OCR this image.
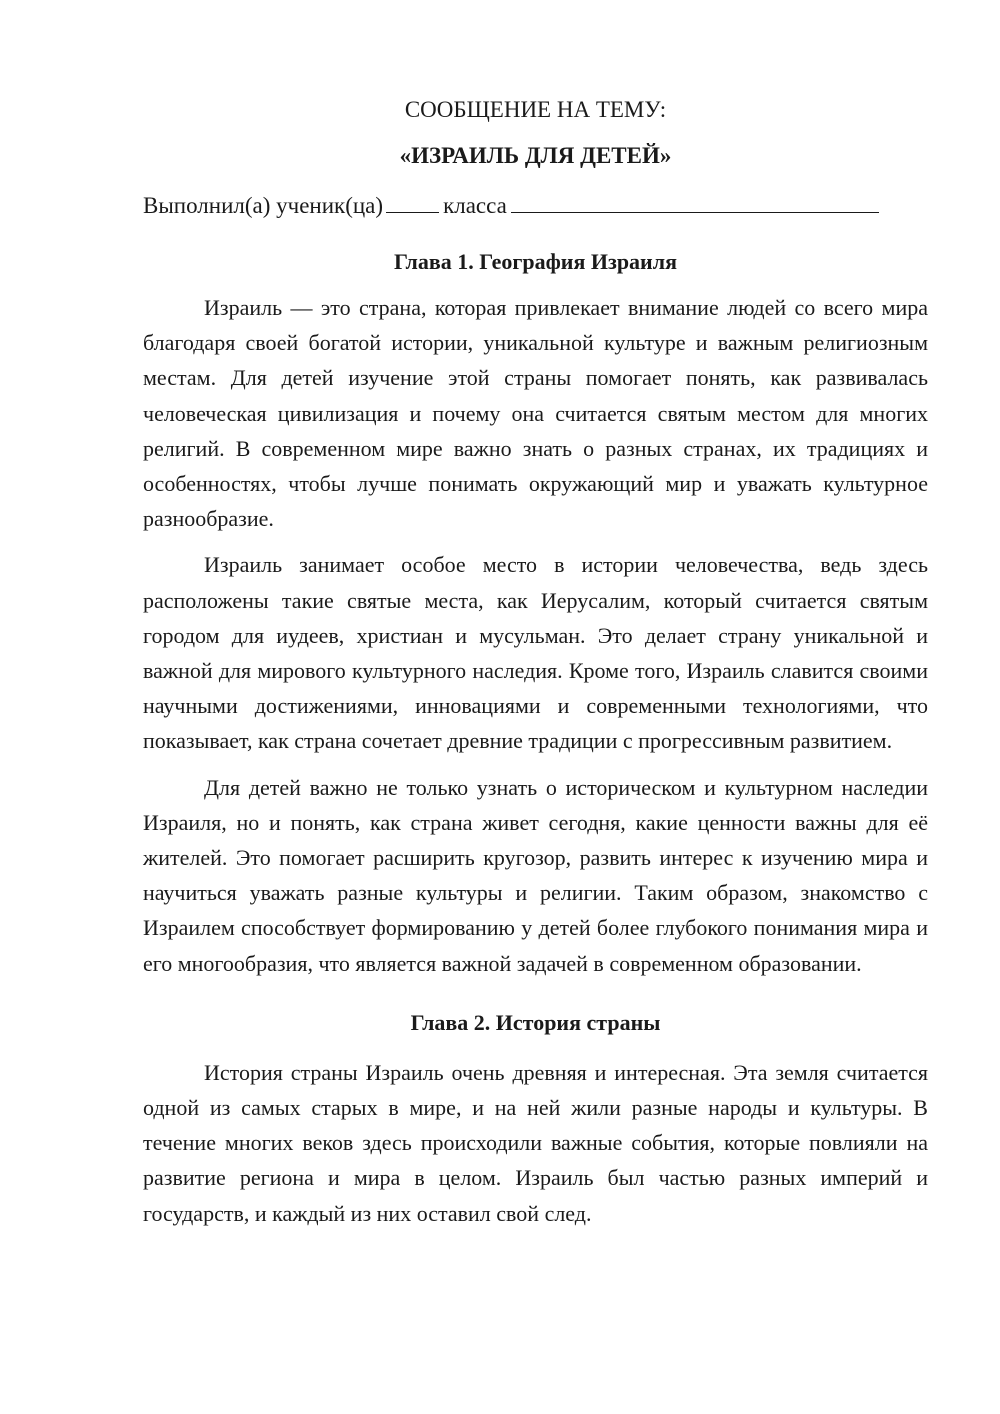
СООБЩЕНИЕ НА ТЕМУ:

«ИЗРАИЛЬ ДЛЯ ДЕТЕЙ»

Выполнил(а) ученик(ца)	класса

Глава 1. География Израиля

Израиль — это страна, которая привлекает внимание людей со всего мира благодаря своей богатой истории, уникальной культуре и важным религиозным местам. Для детей изучение этой страны помогает понять, как развивалась человеческая цивилизация и почему она считается святым местом для многих религий. В современном мире важно знать о разных странах, их традициях и особенностях, чтобы лучше понимать окружающий мир и уважать культурное разнообразие.

Израиль занимает особое место в истории человечества, ведь здесь расположены такие святые места, как Иерусалим, который считается святым городом для иудеев, христиан и мусульман. Это делает страну уникальной и важной для мирового культурного наследия. Кроме того, Израиль славится своими научными достижениями, инновациями и современными технологиями, что показывает, как страна сочетает древние традиции с прогрессивным развитием.

Для детей важно не только узнать о историческом и культурном наследии Израиля, но и понять, как страна живет сегодня, какие ценности важны для её жителей. Это помогает расширить кругозор, развить интерес к изучению мира и научиться уважать разные культуры и религии. Таким образом, знакомство с Израилем способствует формированию у детей более глубокого понимания мира и его многообразия, что является важной задачей в современном образовании.

Глава 2. История страны

История страны Израиль очень древняя и интересная. Эта земля считается одной из самых старых в мире, и на ней жили разные народы и культуры. В течение многих веков здесь происходили важные события, которые повлияли на развитие региона и мира в целом. Израиль был частью разных империй и государств, и каждый из них оставил свой след.
